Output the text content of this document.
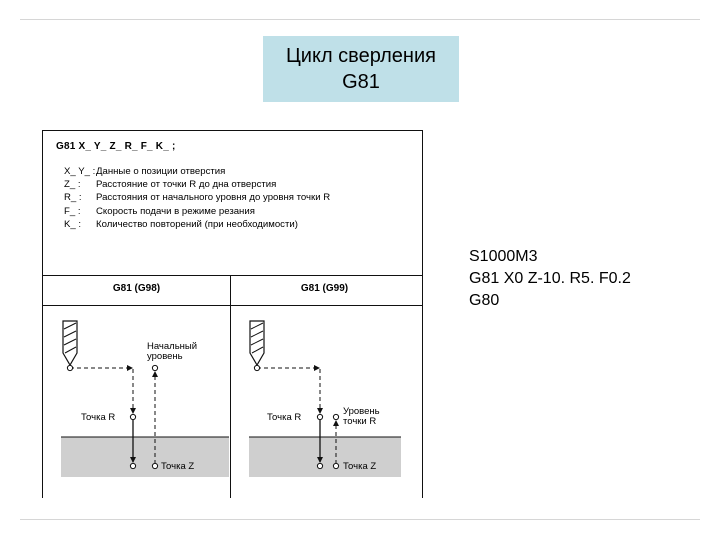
Цикл сверления
G81
G81 X_ Y_ Z_ R_ F_ K_ ;
X_ Y_ : Данные о позиции отверстия
Z_ :	Расстояние от точки R до дна отверстия
R_ :	Расстояния от начального уровня до уровня точки R
F_ :	Скорость подачи в режиме резания
K_ :	Количество повторений (при необходимости)
G81 (G98)	G81 (G99)
Начальный
уровень
Точка R
Точка Z
Уровень
точки R
Точка R
Точка Z
S1000M3
G81 X0 Z-10. R5. F0.2
G80
